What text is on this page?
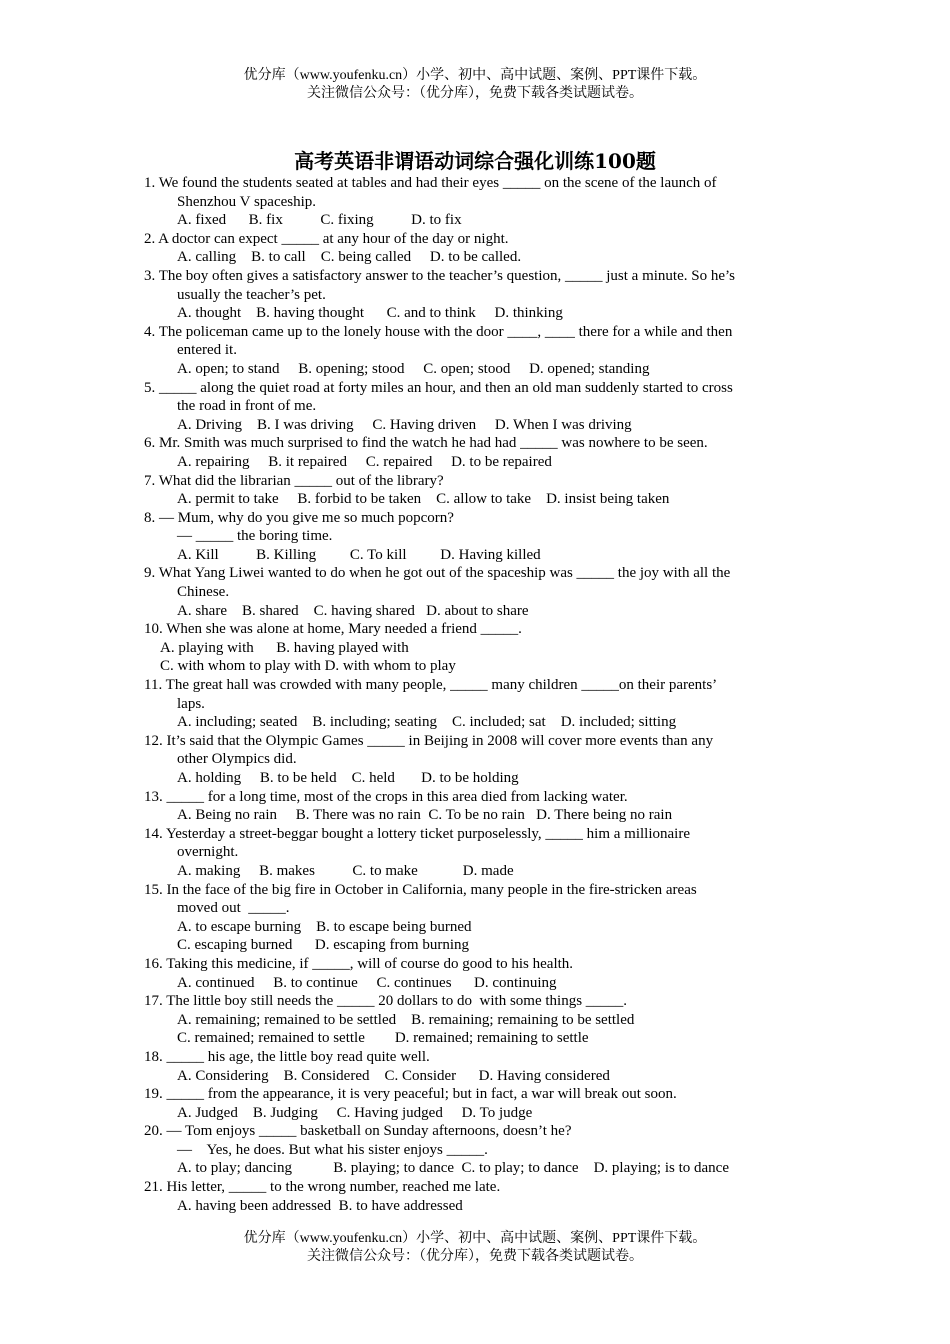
优分库（www.youfenku.cn）小学、初中、高中试题、案例、PPT课件下载。
关注微信公众号：（优分库），免费下载各类试题试卷。
高考英语非谓语动词综合强化训练100题
1. We found the students seated at tables and had their eyes _____ on the scene of the launch of
Shenzhou V spaceship.
A. fixed      B. fix          C. fixing          D. to fix
2. A doctor can expect _____ at any hour of the day or night.
A. calling    B. to call    C. being called     D. to be called.
3. The boy often gives a satisfactory answer to the teacher’s question, _____ just a minute. So he’s
usually the teacher’s pet.
A. thought    B. having thought      C. and to think     D. thinking
4. The policeman came up to the lonely house with the door ____, ____ there for a while and then
entered it.
A. open; to stand     B. opening; stood     C. open; stood     D. opened; standing
5. _____ along the quiet road at forty miles an hour, and then an old man suddenly started to cross
the road in front of me.
A. Driving    B. I was driving     C. Having driven     D. When I was driving
6. Mr. Smith was much surprised to find the watch he had had _____ was nowhere to be seen.
A. repairing     B. it repaired     C. repaired     D. to be repaired
7. What did the librarian _____ out of the library?
A. permit to take     B. forbid to be taken    C. allow to take    D. insist being taken
8. — Mum, why do you give me so much popcorn?
— _____ the boring time.
A. Kill          B. Killing         C. To kill         D. Having killed
9. What Yang Liwei wanted to do when he got out of the spaceship was _____ the joy with all the
Chinese.
A. share    B. shared    C. having shared   D. about to share
10. When she was alone at home, Mary needed a friend _____.
A. playing with      B. having played with
C. with whom to play with D. with whom to play
11. The great hall was crowded with many people, _____ many children _____on their parents’
laps.
A. including; seated    B. including; seating    C. included; sat    D. included; sitting
12. It’s said that the Olympic Games _____ in Beijing in 2008 will cover more events than any
other Olympics did.
A. holding     B. to be held    C. held       D. to be holding
13. _____ for a long time, most of the crops in this area died from lacking water.
A. Being no rain     B. There was no rain  C. To be no rain   D. There being no rain
14. Yesterday a street-beggar bought a lottery ticket purposelessly, _____ him a millionaire
overnight.
A. making     B. makes          C. to make            D. made
15. In the face of the big fire in October in California, many people in the fire-stricken areas
moved out  _____.
A. to escape burning    B. to escape being burned
C. escaping burned      D. escaping from burning
16. Taking this medicine, if _____, will of course do good to his health.
A. continued     B. to continue     C. continues      D. continuing
17. The little boy still needs the _____ 20 dollars to do  with some things _____.
A. remaining; remained to be settled    B. remaining; remaining to be settled
C. remained; remained to settle        D. remained; remaining to settle
18. _____ his age, the little boy read quite well.
A. Considering    B. Considered    C. Consider      D. Having considered
19. _____ from the appearance, it is very peaceful; but in fact, a war will break out soon.
A. Judged    B. Judging     C. Having judged     D. To judge
20. — Tom enjoys _____ basketball on Sunday afternoons, doesn’t he?
—    Yes, he does. But what his sister enjoys _____.
A. to play; dancing           B. playing; to dance  C. to play; to dance    D. playing; is to dance
21. His letter, _____ to the wrong number, reached me late.
A. having been addressed  B. to have addressed
优分库（www.youfenku.cn）小学、初中、高中试题、案例、PPT课件下载。
关注微信公众号：（优分库），免费下载各类试题试卷。
